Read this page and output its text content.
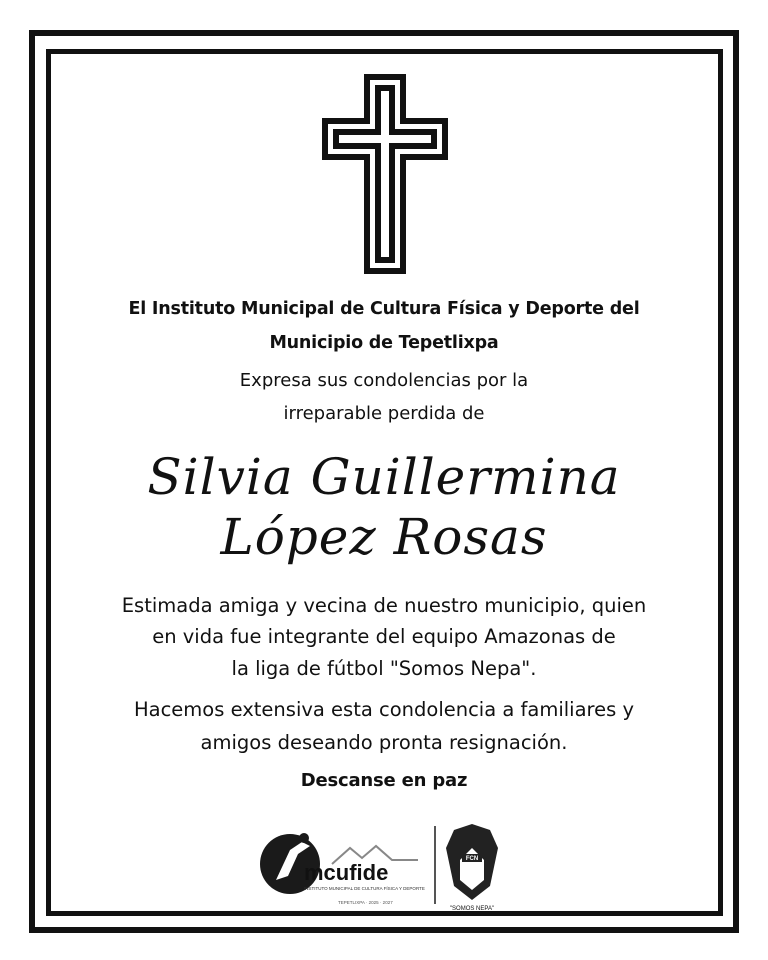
El Instituto Municipal de Cultura Física y Deporte del
Municipio de Tepetlixpa
Expresa sus condolencias por la
irreparable perdida de
Silvia Guillermina
López Rosas
Estimada amiga y vecina de nuestro municipio, quien
en vida fue integrante del equipo Amazonas de
la liga de fútbol "Somos Nepa".
Hacemos extensiva esta condolencia a familiares y
amigos deseando pronta resignación.
Descanse en paz
mcufide
INSTITUTO MUNICIPAL DE CULTURA FÍSICA Y DEPORTE
TEPETLIXPA · 2025 · 2027
FCN
"SOMOS NEPA"
